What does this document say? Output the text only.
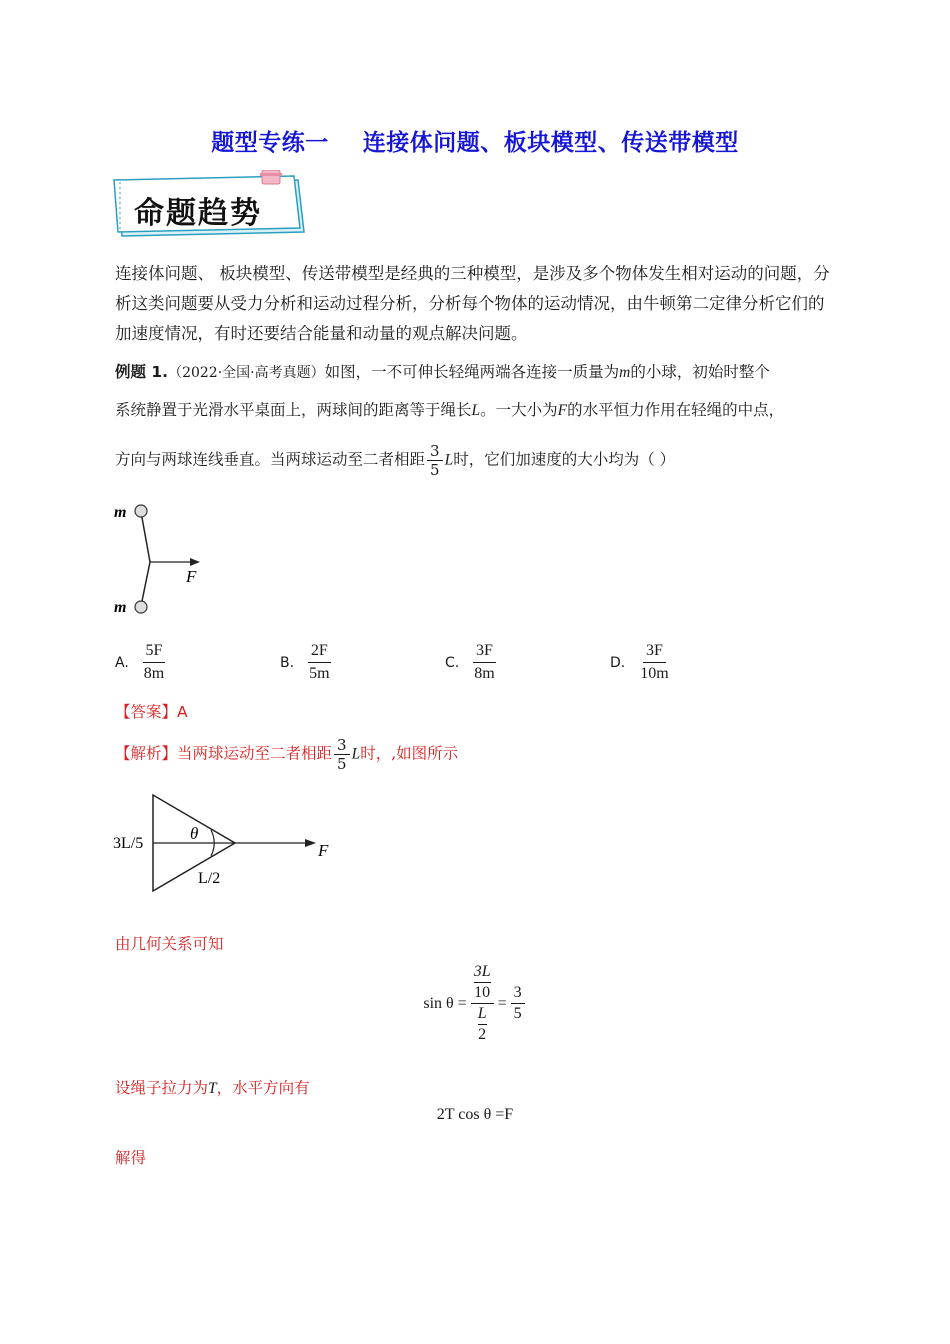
题型专练一    连接体问题、板块模型、传送带模型
命题趋势
连接体问题、 板块模型、传送带模型是经典的三种模型，是涉及多个物体发生相对运动的问题，分析这类问题要从受力分析和运动过程分析，分析每个物体的运动情况，由牛顿第二定律分析它们的加速度情况，有时还要结合能量和动量的观点解决问题。
例题 1.（2022·全国·高考真题）如图，一不可伸长轻绳两端各连接一质量为m的小球，初始时整个
系统静置于光滑水平桌面上，两球间的距离等于绳长L。一大小为F的水平恒力作用在轻绳的中点，
方向与两球连线垂直。当两球运动至二者相距 $\frac{3}{5}$ L时，它们加速度的大小均为（ ）
m
m
F
A. $\frac{5F}{8m}$	B. $\frac{2F}{5m}$	C. $\frac{3F}{8m}$	D. $\frac{3F}{10m}$
【答案】A
【解析】当两球运动至二者相距 $\frac{3}{5}$ L时，,如图所示
3L/5
θ
L/2
F
由几何关系可知
sin θ = 3L
10
L
$2 = \frac{3}{5}$
设绳子拉力为T，水平方向有
2T cos θ =F
解得
